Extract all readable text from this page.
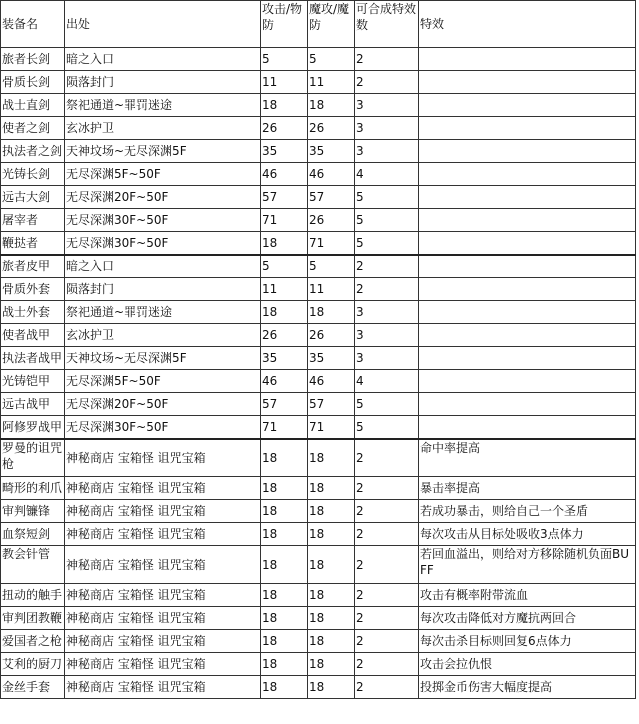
装备名	出处	攻击/物防	魔攻/魔防	可合成特效数	特效
旅者长剑	暗之入口	5	5	2	
骨质长剑	陨落封门	11	11	2	
战士直剑	祭祀通道~罪罚迷途	18	18	3	
使者之剑	玄冰护卫	26	26	3	
执法者之剑	天神坟场~无尽深渊5F	35	35	3	
光铸长剑	无尽深渊5F~50F	46	46	4	
远古大剑	无尽深渊20F~50F	57	57	5	
屠宰者	无尽深渊30F~50F	71	26	5	
鞭挞者	无尽深渊30F~50F	18	71	5	
旅者皮甲	暗之入口	5	5	2	
骨质外套	陨落封门	11	11	2	
战士外套	祭祀通道~罪罚迷途	18	18	3	
使者战甲	玄冰护卫	26	26	3	
执法者战甲	天神坟场~无尽深渊5F	35	35	3	
光铸铠甲	无尽深渊5F~50F	46	46	4	
远古战甲	无尽深渊20F~50F	57	57	5	
阿修罗战甲	无尽深渊30F~50F	71	71	5	
罗曼的诅咒枪	神秘商店 宝箱怪 诅咒宝箱	18	18	2	命中率提高
畸形的利爪	神秘商店 宝箱怪 诅咒宝箱	18	18	2	暴击率提高
审判镰锋	神秘商店 宝箱怪 诅咒宝箱	18	18	2	若成功暴击，则给自己一个圣盾
血祭短剑	神秘商店 宝箱怪 诅咒宝箱	18	18	2	每次攻击从目标处吸收3点体力
教会针管	神秘商店 宝箱怪 诅咒宝箱	18	18	2	若回血溢出，则给对方移除随机负面BUFF
扭动的触手	神秘商店 宝箱怪 诅咒宝箱	18	18	2	攻击有概率附带流血
审判团教鞭	神秘商店 宝箱怪 诅咒宝箱	18	18	2	每次攻击降低对方魔抗两回合
爱国者之枪	神秘商店 宝箱怪 诅咒宝箱	18	18	2	每次击杀目标则回复6点体力
艾利的厨刀	神秘商店 宝箱怪 诅咒宝箱	18	18	2	攻击会拉仇恨
金丝手套	神秘商店 宝箱怪 诅咒宝箱	18	18	2	投掷金币伤害大幅度提高
